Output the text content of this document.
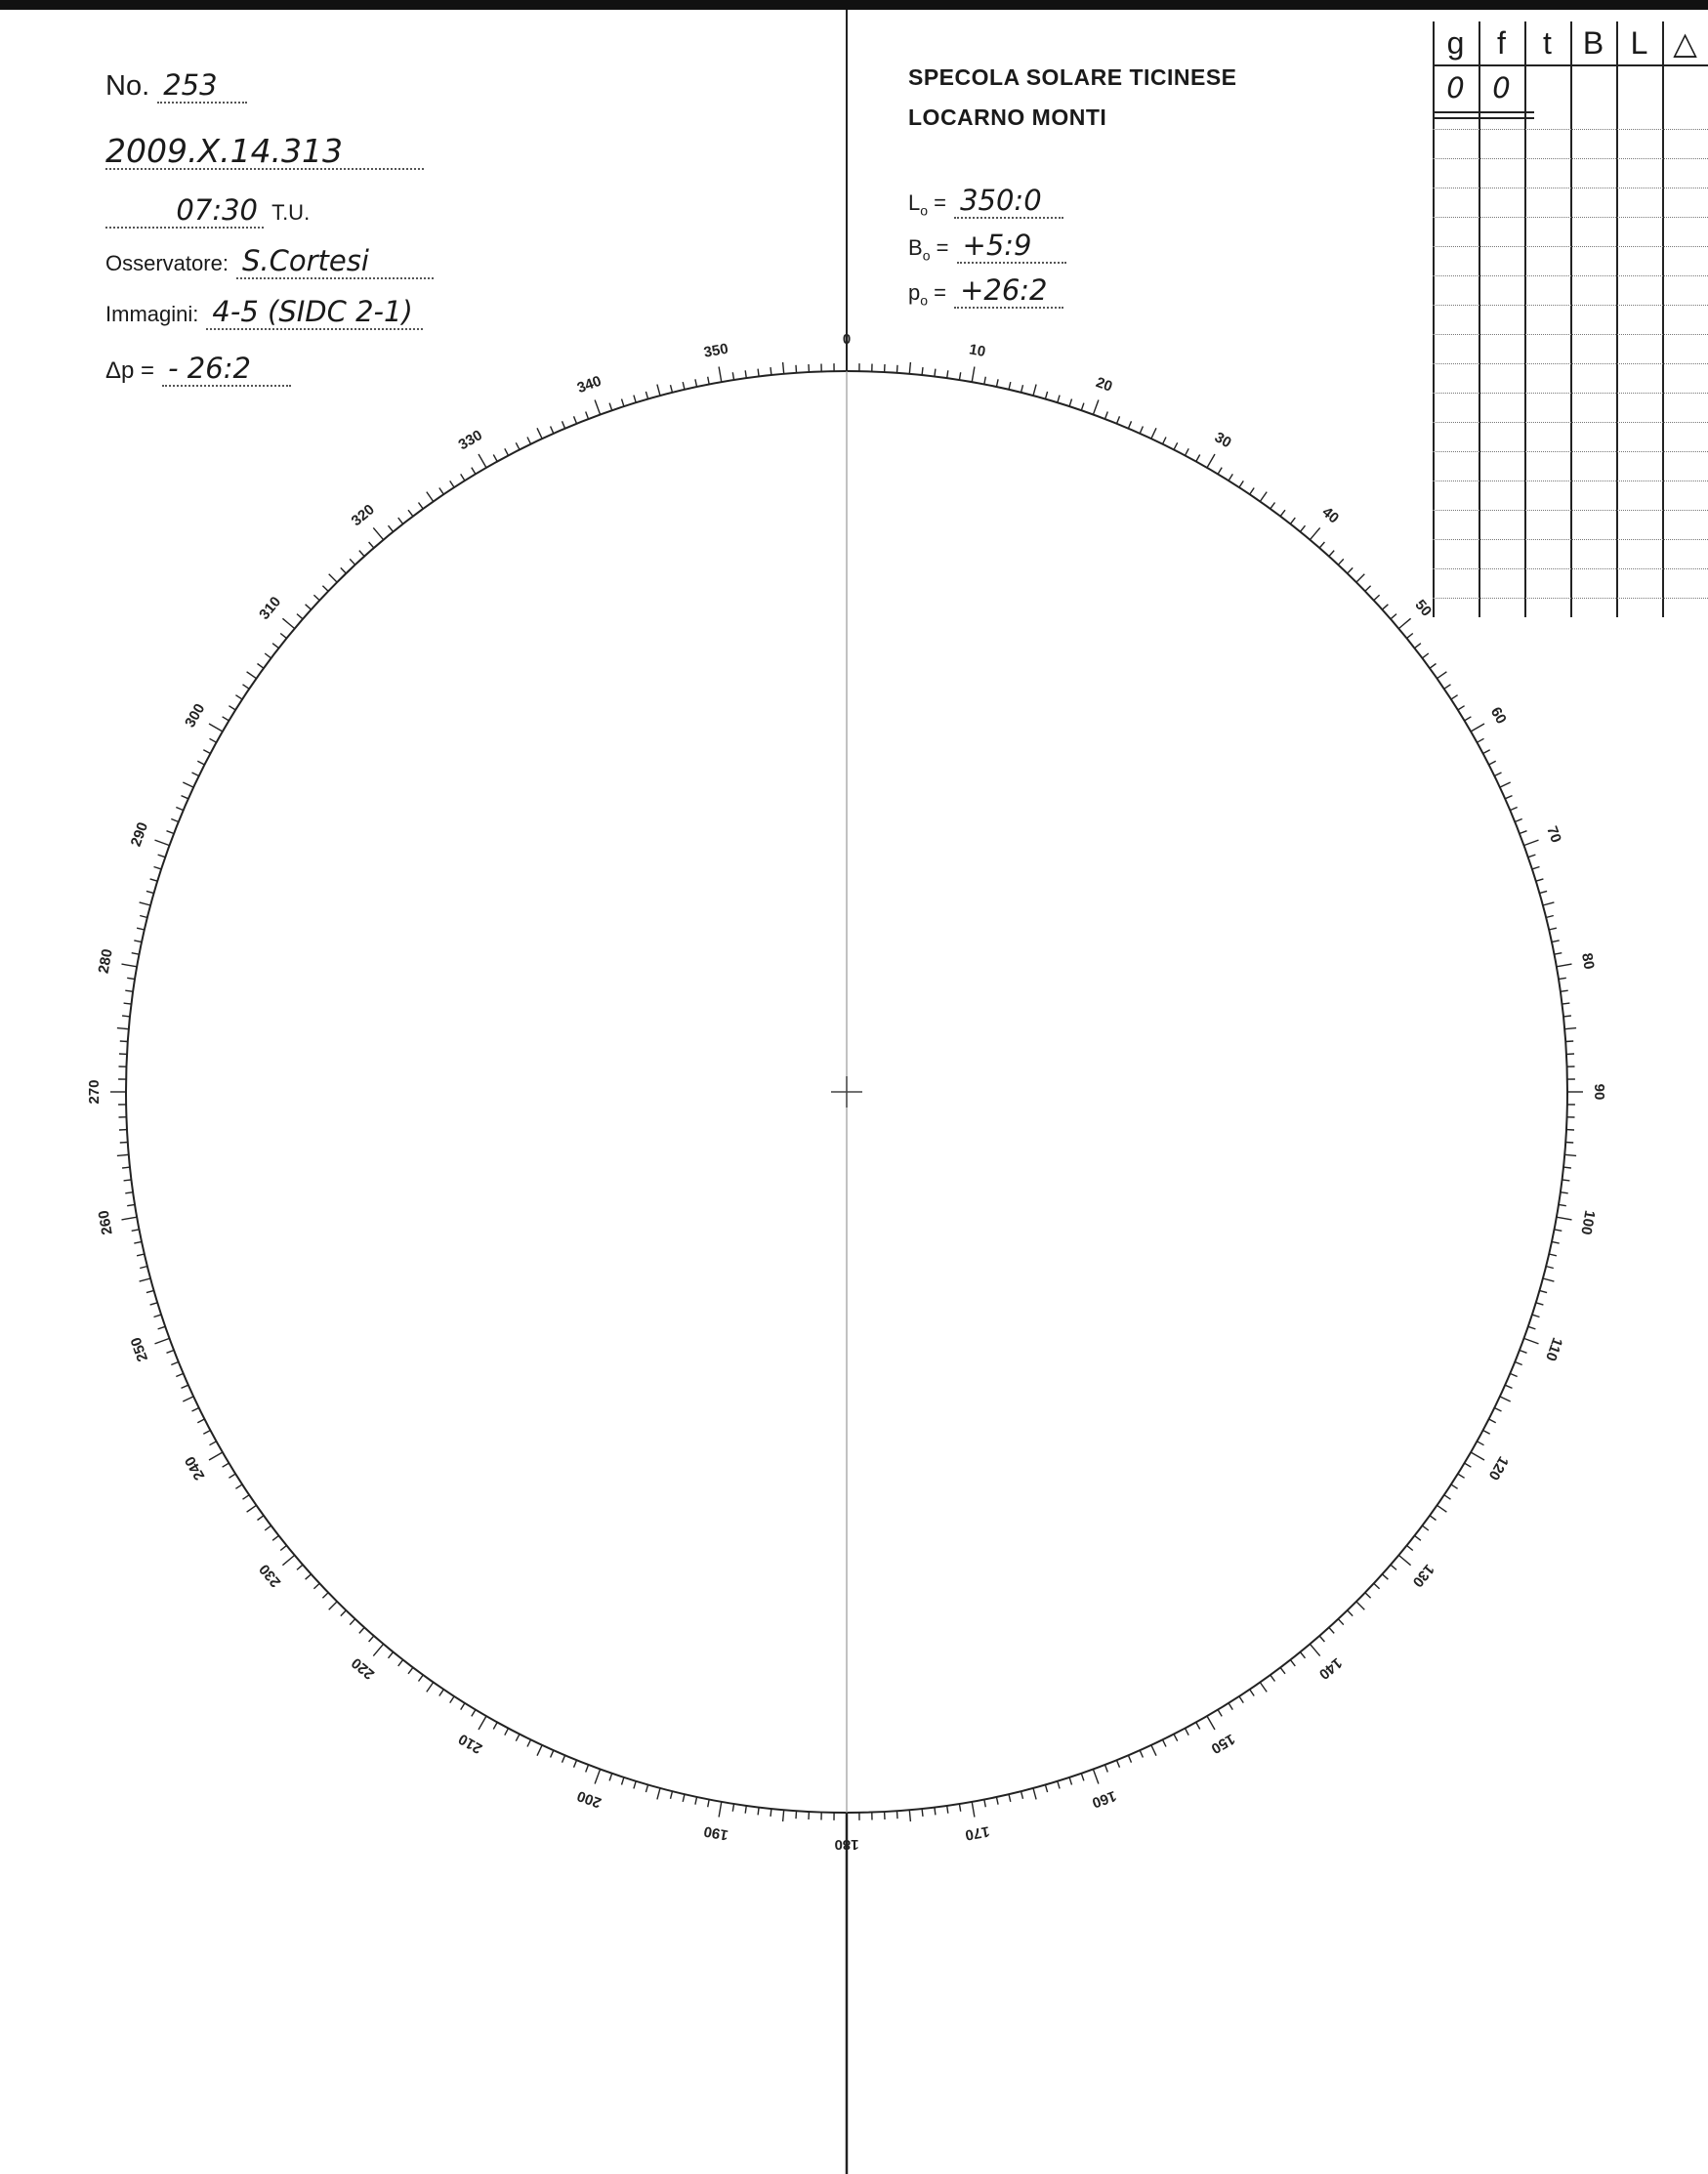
No. 253
2009.X.14.313
07:30 T.U.
Osservatore: S.Cortesi
Immagini: 4-5 (SIDC 2-1)
Δp = - 26:2
SPECOLA SOLARE TICINESE
LOCARNO MONTI
$L_o$ = 350:0
$B_o$ = +5:9
$p_o$ = +26:2
g	f	t B L △
0 0
0
10
20
30
40
50
60
70
80
90
100
110
120
130
140
150
160
170
180
190
200
210
220
230
240
250
260
270
280
290
300
310
320
330
340
350
